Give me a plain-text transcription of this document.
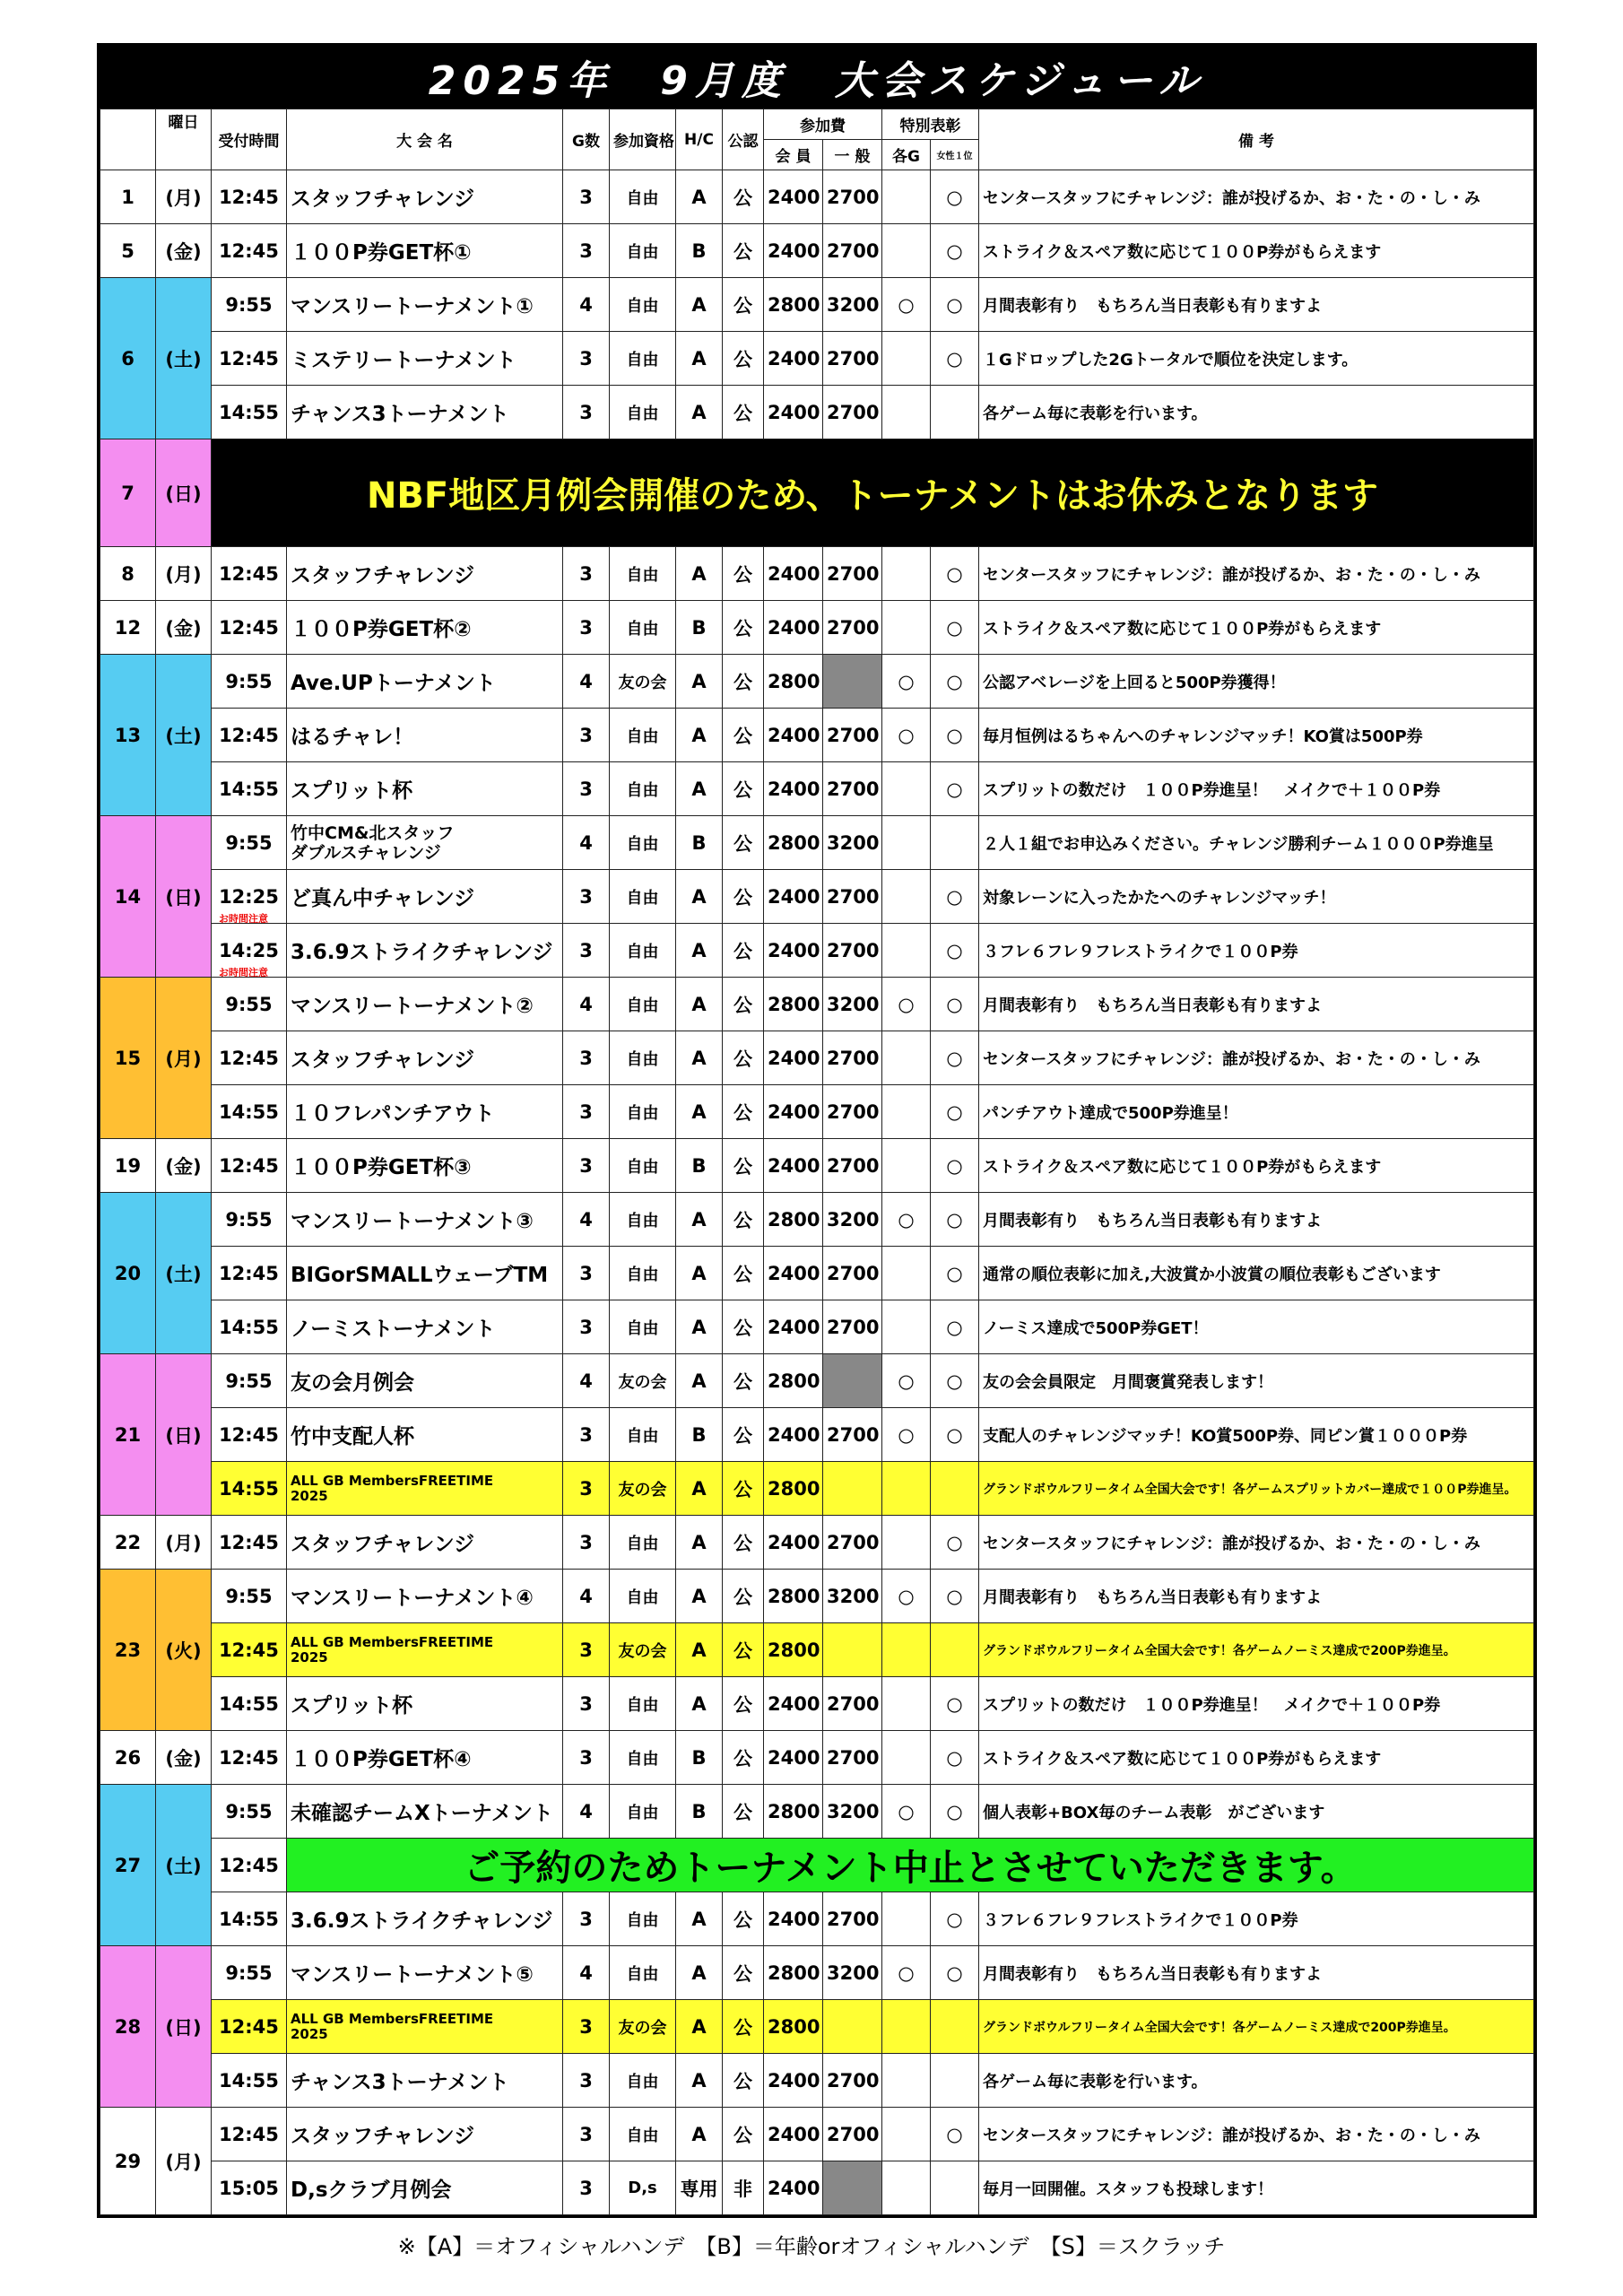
2025年　9月度　大会スケジュール
	曜日	受付時間	大 会 名	G数	参加資格	H/C	公認	参加費		特別表彰		備 考
								会 員	一 般	各G	女性１位	
1	(月)	12:45	スタッフチャレンジ	3	自由	A	公	2400	2700		○	センタースタッフにチャレンジ：誰が投げるか、お・た・の・し・み
5	(金)	12:45	１００P券GET杯①	3	自由	B	公	2400	2700		○	ストライク＆スペア数に応じて１００P券がもらえます
6	(土)	9:55	マンスリートーナメント①	4	自由	A	公	2800	3200	○	○	月間表彰有り　もちろん当日表彰も有りますよ

		12:45	ミステリートーナメント	3	自由	A	公	2400	2700		○	１Gドロップした2Gトータルで順位を決定します。

		14:55	チャンス3トーナメント	3	自由	A	公	2400	2700			各ゲーム毎に表彰を行います。
7	(日)	NBF地区月例会開催のため、トーナメントはお休みとなります										
8	(月)	12:45	スタッフチャレンジ	3	自由	A	公	2400	2700		○	センタースタッフにチャレンジ：誰が投げるか、お・た・の・し・み
12	(金)	12:45	１００P券GET杯②	3	自由	B	公	2400	2700		○	ストライク＆スペア数に応じて１００P券がもらえます
13	(土)	9:55	Ave.UPトーナメント	4	友の会	A	公	2800		○	○	公認アベレージを上回ると500P券獲得！

		12:45	はるチャレ！	3	自由	A	公	2400	2700	○	○	毎月恒例はるちゃんへのチャレンジマッチ！KO賞は500P券

		14:55	スプリット杯	3	自由	A	公	2400	2700		○	スプリットの数だけ　１００P券進呈！　メイクで＋１００P券
14	(日)	9:55	竹中CM&北スタッフ
ダブルスチャレンジ	4	自由	B	公	2800	3200			２人１組でお申込みください。チャレンジ勝利チーム１０００P券進呈

		12:25
お時間注意	ど真ん中チャレンジ	3	自由	A	公	2400	2700		○	対象レーンに入ったかたへのチャレンジマッチ！

		14:25
お時間注意	3.6.9ストライクチャレンジ	3	自由	A	公	2400	2700		○	３フレ６フレ９フレストライクで１００P券
15	(月)	9:55	マンスリートーナメント②	4	自由	A	公	2800	3200	○	○	月間表彰有り　もちろん当日表彰も有りますよ

		12:45	スタッフチャレンジ	3	自由	A	公	2400	2700		○	センタースタッフにチャレンジ：誰が投げるか、お・た・の・し・み

		14:55	１０フレパンチアウト	3	自由	A	公	2400	2700		○	パンチアウト達成で500P券進呈！
19	(金)	12:45	１００P券GET杯③	3	自由	B	公	2400	2700		○	ストライク＆スペア数に応じて１００P券がもらえます
20	(土)	9:55	マンスリートーナメント③	4	自由	A	公	2800	3200	○	○	月間表彰有り　もちろん当日表彰も有りますよ

		12:45	BIGorSMALLウェーブTM	3	自由	A	公	2400	2700		○	通常の順位表彰に加え,大波賞か小波賞の順位表彰もございます

		14:55	ノーミストーナメント	3	自由	A	公	2400	2700		○	ノーミス達成で500P券GET！
21	(日)	9:55	友の会月例会	4	友の会	A	公	2800		○	○	友の会会員限定　月間褒賞発表します！

		12:45	竹中支配人杯	3	自由	B	公	2400	2700	○	○	支配人のチャレンジマッチ！KO賞500P券、同ピン賞１０００P券

		14:55	ALL GB MembersFREETIME
2025	3	友の会	A	公	2800				グランドボウルフリータイム全国大会です！各ゲームスプリットカバー達成で１００P券進呈。
22	(月)	12:45	スタッフチャレンジ	3	自由	A	公	2400	2700		○	センタースタッフにチャレンジ：誰が投げるか、お・た・の・し・み
23	(火)	9:55	マンスリートーナメント④	4	自由	A	公	2800	3200	○	○	月間表彰有り　もちろん当日表彰も有りますよ

		12:45	ALL GB MembersFREETIME
2025	3	友の会	A	公	2800				グランドボウルフリータイム全国大会です！各ゲームノーミス達成で200P券進呈。

		14:55	スプリット杯	3	自由	A	公	2400	2700		○	スプリットの数だけ　１００P券進呈！　メイクで＋１００P券
26	(金)	12:45	１００P券GET杯④	3	自由	B	公	2400	2700		○	ストライク＆スペア数に応じて１００P券がもらえます
27	(土)	9:55	未確認チームXトーナメント	4	自由	B	公	2800	3200	○	○	個人表彰+BOX毎のチーム表彰　がございます

		12:45	ご予約のためトーナメント中止とさせていただきます。									

		14:55	3.6.9ストライクチャレンジ	3	自由	A	公	2400	2700		○	３フレ６フレ９フレストライクで１００P券
28	(日)	9:55	マンスリートーナメント⑤	4	自由	A	公	2800	3200	○	○	月間表彰有り　もちろん当日表彰も有りますよ

		12:45	ALL GB MembersFREETIME
2025	3	友の会	A	公	2800				グランドボウルフリータイム全国大会です！各ゲームノーミス達成で200P券進呈。

		14:55	チャンス3トーナメント	3	自由	A	公	2400	2700			各ゲーム毎に表彰を行います。
29	(月)	12:45	スタッフチャレンジ	3	自由	A	公	2400	2700		○	センタースタッフにチャレンジ：誰が投げるか、お・た・の・し・み

		15:05	D,sクラブ月例会	3	D,s	専用	非	2400				毎月一回開催。スタッフも投球します！
※【A】＝オフィシャルハンデ　【B】＝年齢orオフィシャルハンデ　【S】＝スクラッチ
